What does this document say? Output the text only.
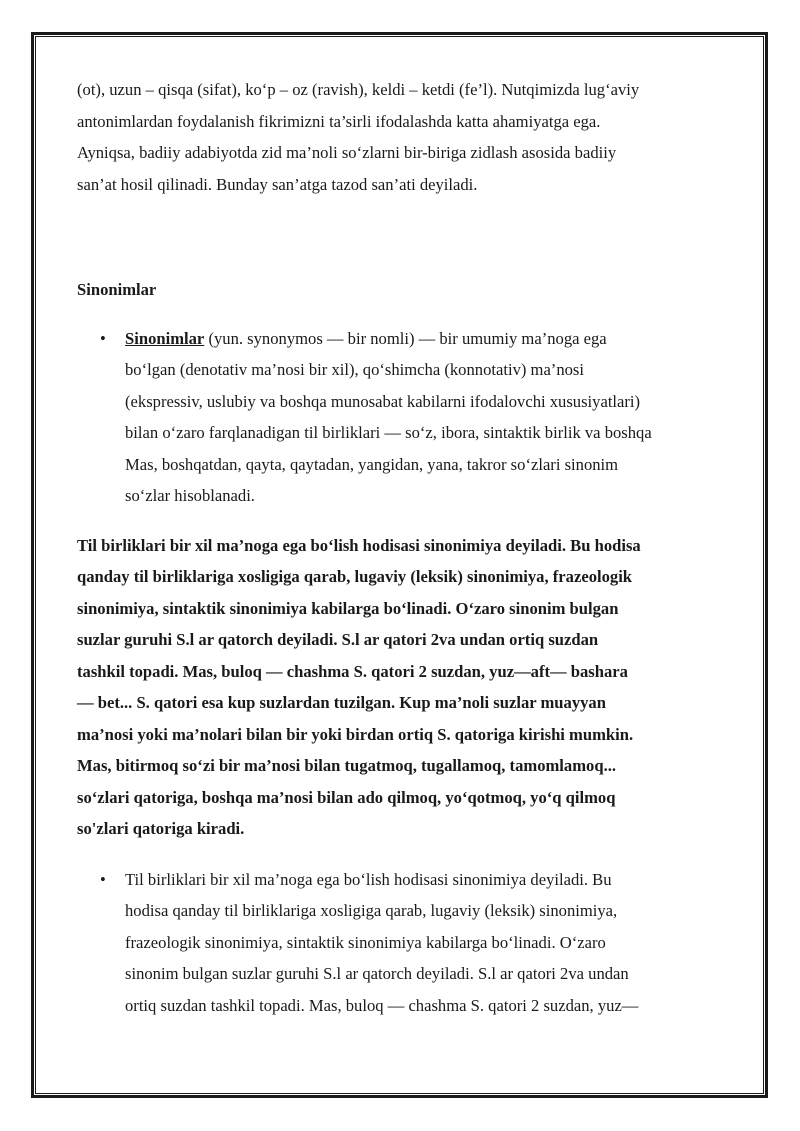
(ot), uzun – qisqa (sifat), ko‘p – oz (ravish), keldi – ketdi (fe’l). Nutqimizda lug‘aviy
antonimlardan foydalanish fikrimizni ta’sirli ifodalashda katta ahamiyatga ega.
Ayniqsa, badiiy adabiyotda zid ma’noli so‘zlarni bir-biriga zidlash asosida badiiy
san’at hosil qilinadi. Bunday san’atga tazod san’ati deyiladi.

Sinonimlar

• Sinonimlar (yun. synonymos — bir nomli) — bir umumiy ma’noga ega
bo‘lgan (denotativ ma’nosi bir xil), qo‘shimcha (konnotativ) ma’nosi
(ekspressiv, uslubiy va boshqa munosabat kabilarni ifodalovchi xususiyatlari)
bilan o‘zaro farqlanadigan til birliklari — so‘z, ibora, sintaktik birlik va boshqa
Mas, boshqatdan, qayta, qaytadan, yangidan, yana, takror so‘zlari sinonim
so‘zlar hisoblanadi.

Til birliklari bir xil ma’noga ega bo‘lish hodisasi sinonimiya deyiladi. Bu hodisa
qanday til birliklariga xosligiga qarab, lugaviy (leksik) sinonimiya, frazeologik
sinonimiya, sintaktik sinonimiya kabilarga bo‘linadi. O‘zaro sinonim bulgan
suzlar guruhi S.l ar qatorch deyiladi. S.l ar qatori 2va undan ortiq suzdan
tashkil topadi. Mas, buloq — chashma S. qatori 2 suzdan, yuz—aft— bashara
— bet... S. qatori esa kup suzlardan tuzilgan. Kup ma’noli suzlar muayyan
ma’nosi yoki ma’nolari bilan bir yoki birdan ortiq S. qatoriga kirishi mumkin.
Mas, bitirmoq so‘zi bir ma’nosi bilan tugatmoq, tugallamoq, tamomlamoq...
so‘zlari qatoriga, boshqa ma’nosi bilan ado qilmoq, yo‘qotmoq, yo‘q qilmoq
so'zlari qatoriga kiradi.

• Til birliklari bir xil ma’noga ega bo‘lish hodisasi sinonimiya deyiladi. Bu
hodisa qanday til birliklariga xosligiga qarab, lugaviy (leksik) sinonimiya,
frazeologik sinonimiya, sintaktik sinonimiya kabilarga bo‘linadi. O‘zaro
sinonim bulgan suzlar guruhi S.l ar qatorch deyiladi. S.l ar qatori 2va undan
ortiq suzdan tashkil topadi. Mas, buloq — chashma S. qatori 2 suzdan, yuz—
